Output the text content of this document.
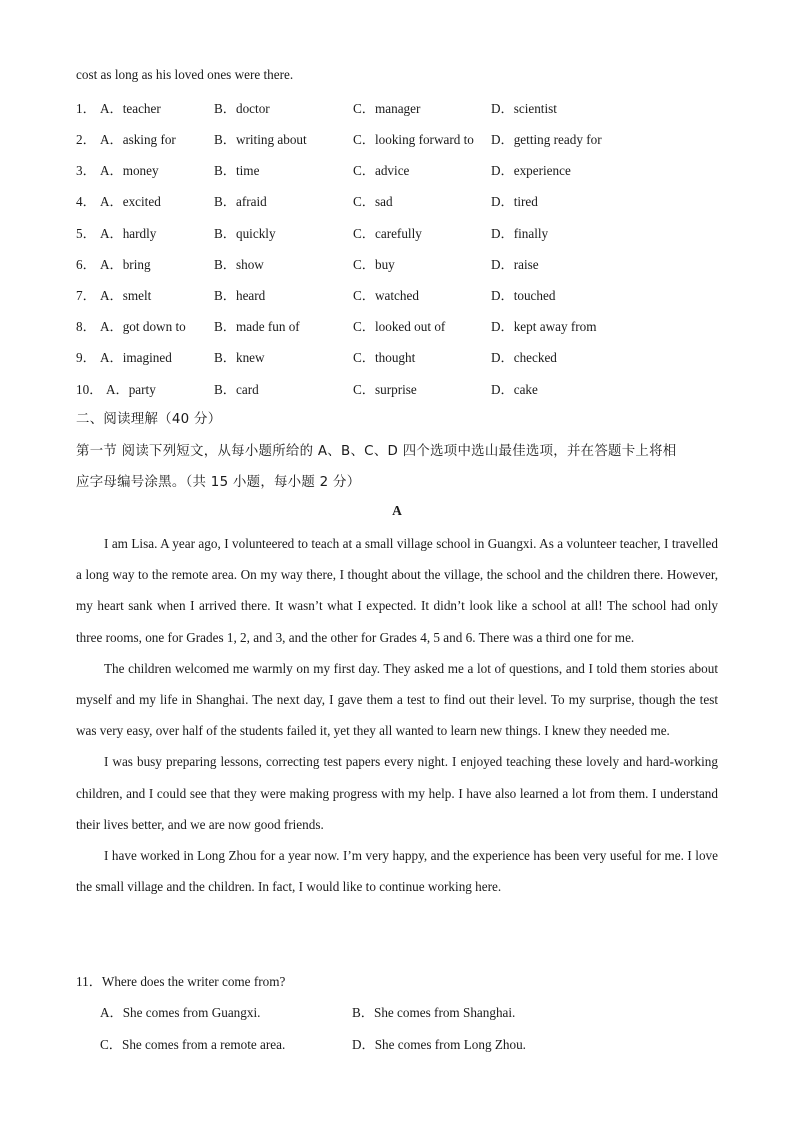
cost as long as his loved ones were there.
1． A．teacher	B．doctor	C．manager	D．scientist
2． A．asking for	B．writing about	C．looking forward to D．getting ready for
3． A．money	B．time	C．advice	D．experience
4． A．excited	B．afraid	C．sad	D．tired
5． A．hardly	B．quickly	C．carefully	D．finally
6． A．bring	B．show	C．buy	D．raise
7． A．smelt	B．heard	C．watched	D．touched
8． A．got down to B．made fun of	C．looked out of	D．kept away from
9． A．imagined	B．knew	C．thought	D．checked
10． A．party	B．card	C．surprise	D．cake
二、阅读理解（40 分）
第一节 阅读下列短文，从每小题所给的 A、B、C、D 四个选项中选山最佳选项，并在答题卡上将相
应字母编号涂黑。（共 15 小题，每小题 2 分）
A

I am Lisa. A year ago, I volunteered to teach at a small village school in Guangxi. As a volunteer teacher, I travelled a long way to the remote area. On my way there, I thought about the village, the school and the children there. However, my heart sank when I arrived there. It wasn’t what I expected. It didn’t look like a school at all! The school had only three rooms, one for Grades 1, 2, and 3, and the other for Grades 4, 5 and 6. There was a third one for me.

The children welcomed me warmly on my first day. They asked me a lot of questions, and I told them stories about myself and my life in Shanghai. The next day, I gave them a test to find out their level. To my surprise, though the test was very easy, over half of the students failed it, yet they all wanted to learn new things. I knew they needed me.

I was busy preparing lessons, correcting test papers every night. I enjoyed teaching these lovely and hard-working children, and I could see that they were making progress with my help. I have also learned a lot from them. I understand their lives better, and we are now good friends.

I have worked in Long Zhou for a year now. I’m very happy, and the experience has been very useful for me. I love the small village and the children. In fact, I would like to continue working here.

11．Where does the writer come from?
A．She comes from Guangxi.	B．She comes from Shanghai.
C．She comes from a remote area.	D．She comes from Long Zhou.
